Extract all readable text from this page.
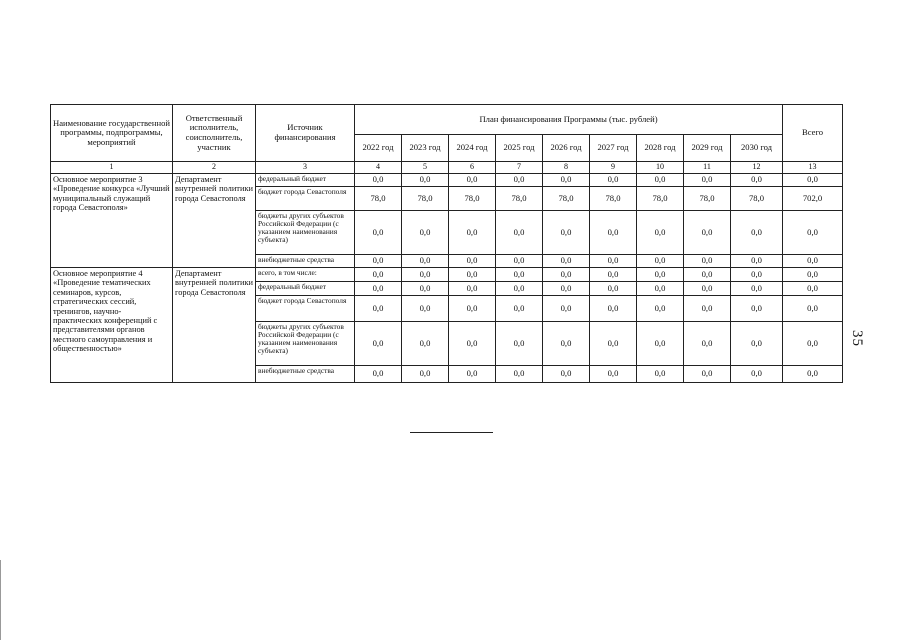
Наименование государственной программы, подпрограммы, мероприятий	Ответственный исполнитель, соисполнитель, участник	Источник финансирования	План финансирования Программы (тыс. рублей)									Всего
			2022 год	2023 год	2024 год	2025 год	2026 год	2027 год	2028 год	2029 год	2030 год	
1	2	3	4	5	6	7	8	9	10	11	12	13
Основное мероприятие 3 «Проведение конкурса «Лучший муниципальный служащий города Севастополя»	Департамент внутренней политики города Севастополя	федеральный бюджет	0,0	0,0	0,0	0,0	0,0	0,0	0,0	0,0	0,0	0,0
		бюджет города Севастополя	78,0	78,0	78,0	78,0	78,0	78,0	78,0	78,0	78,0	702,0
		бюджеты других субъектов Российской Федерации (с указанием наименования субъекта)	0,0	0,0	0,0	0,0	0,0	0,0	0,0	0,0	0,0	0,0
		внебюджетные средства	0,0	0,0	0,0	0,0	0,0	0,0	0,0	0,0	0,0	0,0
Основное мероприятие 4 «Проведение тематических семинаров, курсов, стратегических сессий, тренингов, научно-практических конференций с представителями органов местного самоуправления и общественностью»	Департамент внутренней политики города Севастополя	всего, в том числе:	0,0	0,0	0,0	0,0	0,0	0,0	0,0	0,0	0,0	0,0
		федеральный бюджет	0,0	0,0	0,0	0,0	0,0	0,0	0,0	0,0	0,0	0,0
		бюджет города Севастополя	0,0	0,0	0,0	0,0	0,0	0,0	0,0	0,0	0,0	0,0
		бюджеты других субъектов Российской Федерации (с указанием наименования субъекта)	0,0	0,0	0,0	0,0	0,0	0,0	0,0	0,0	0,0	0,0
		внебюджетные средства	0,0	0,0	0,0	0,0	0,0	0,0	0,0	0,0	0,0	0,0
35
